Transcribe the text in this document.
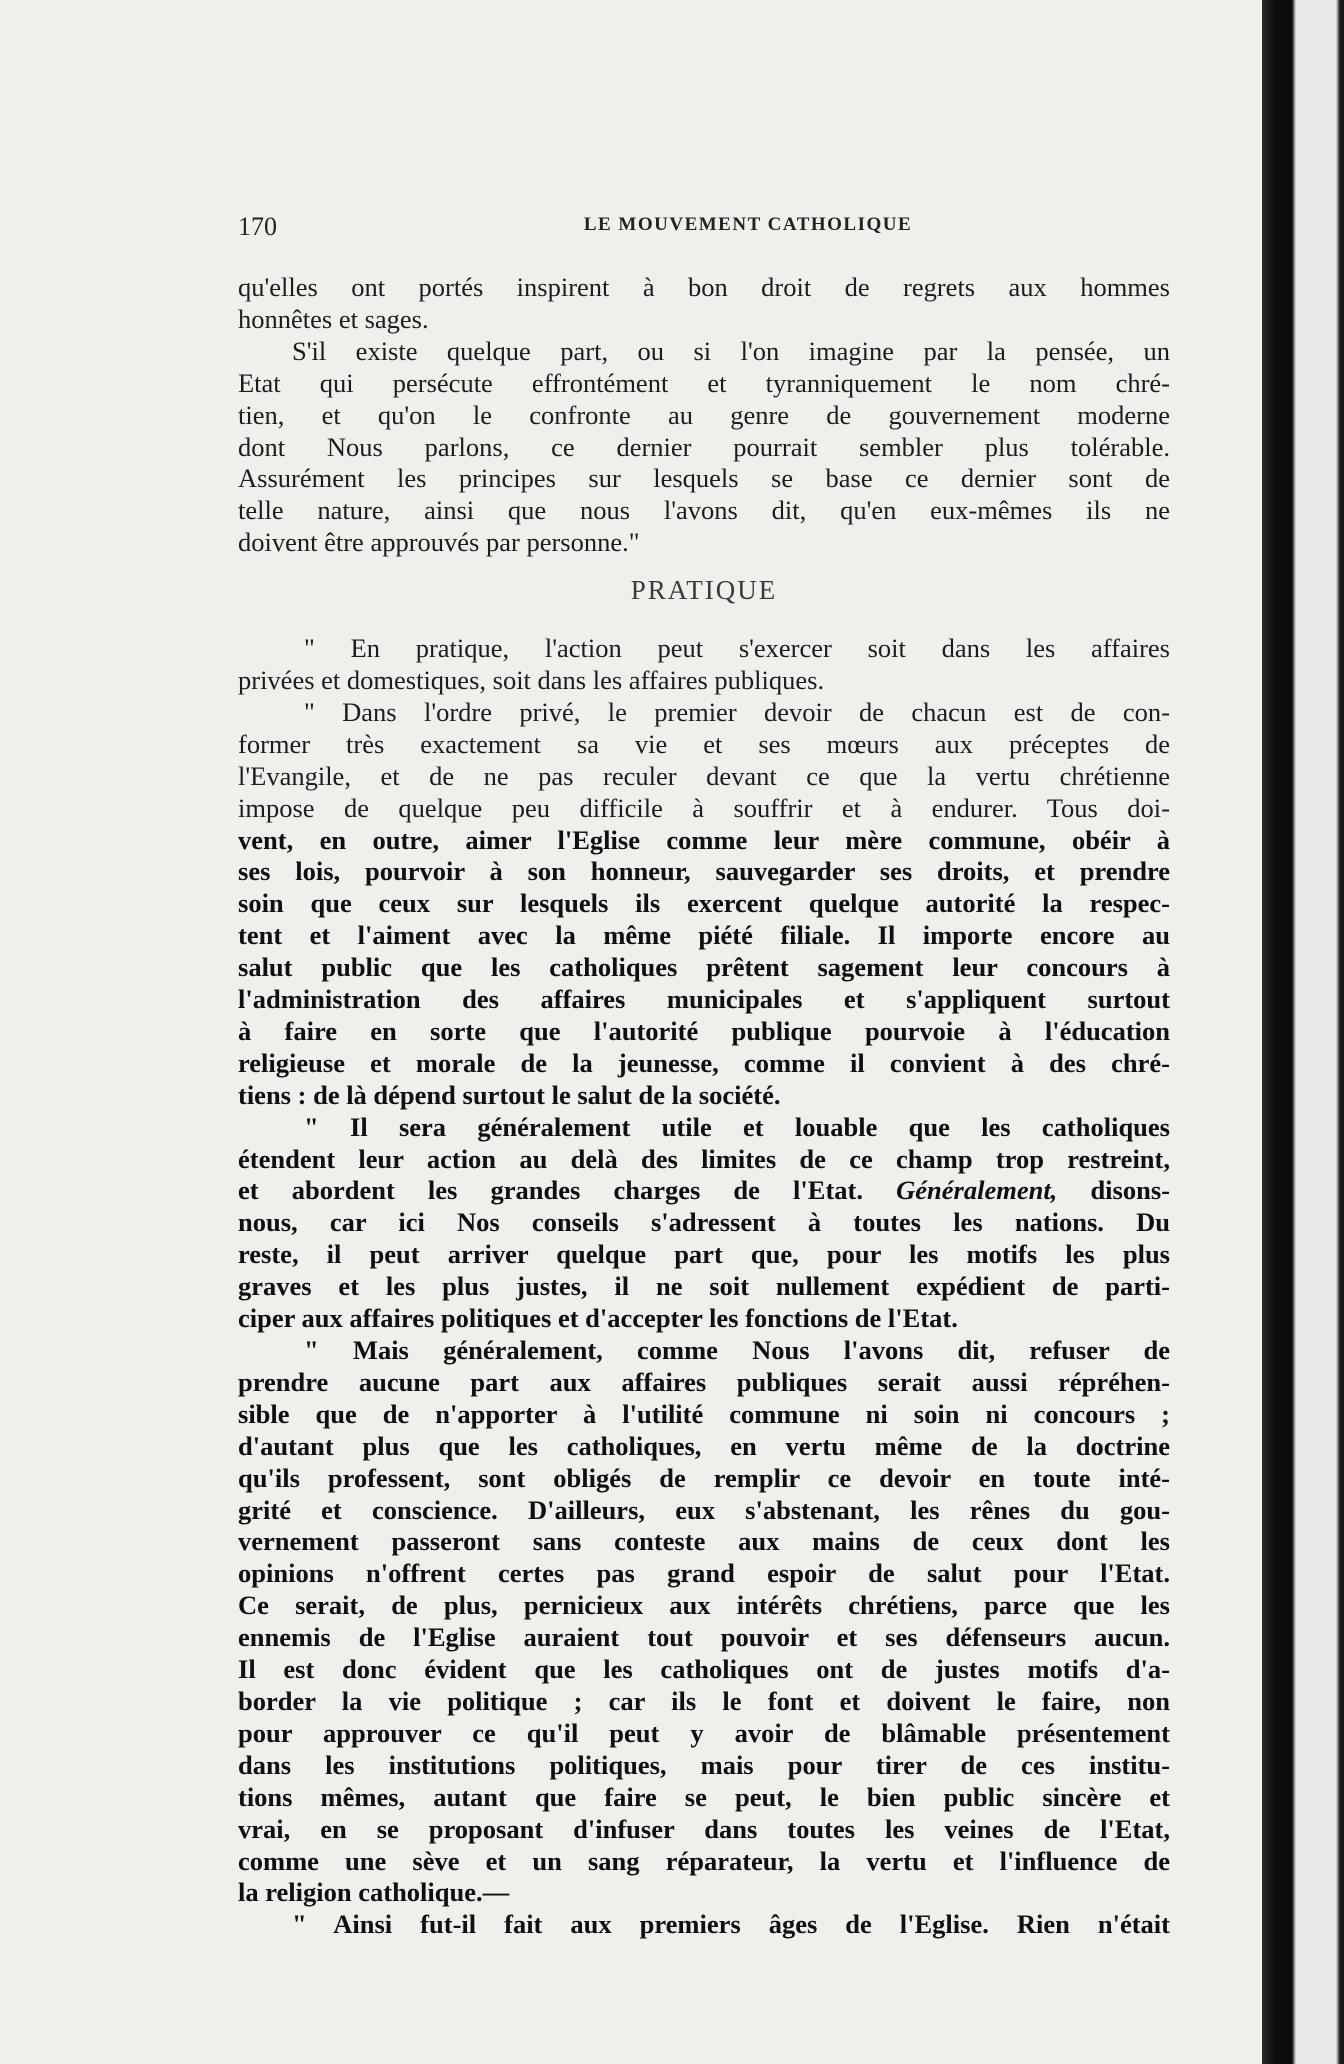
170	LE MOUVEMENT CATHOLIQUE

qu'elles ont portés inspirent à bon droit de regrets aux hommes
honnêtes et sages.

S'il existe quelque part, ou si l'on imagine par la pensée, un
Etat qui persécute effrontément et tyranniquement le nom chré-
tien, et qu'on le confronte au genre de gouvernement moderne
dont Nous parlons, ce dernier pourrait sembler plus tolérable.
Assurément les principes sur lesquels se base ce dernier sont de
telle nature, ainsi que nous l'avons dit, qu'en eux-mêmes ils ne
doivent être approuvés par personne."

PRATIQUE

" En pratique, l'action peut s'exercer soit dans les affaires
privées et domestiques, soit dans les affaires publiques.

" Dans l'ordre privé, le premier devoir de chacun est de con-
former très exactement sa vie et ses mœurs aux préceptes de
l'Evangile, et de ne pas reculer devant ce que la vertu chrétienne
impose de quelque peu difficile à souffrir et à endurer. Tous doi-
vent, en outre, aimer l'Eglise comme leur mère commune, obéir à
ses lois, pourvoir à son honneur, sauvegarder ses droits, et prendre
soin que ceux sur lesquels ils exercent quelque autorité la respec-
tent et l'aiment avec la même piété filiale. Il importe encore au
salut public que les catholiques prêtent sagement leur concours à
l'administration des affaires municipales et s'appliquent surtout
à faire en sorte que l'autorité publique pourvoie à l'éducation
religieuse et morale de la jeunesse, comme il convient à des chré-
tiens : de là dépend surtout le salut de la société.

" Il sera généralement utile et louable que les catholiques
étendent leur action au delà des limites de ce champ trop restreint,
et abordent les grandes charges de l'Etat. Généralement, disons-
nous, car ici Nos conseils s'adressent à toutes les nations. Du
reste, il peut arriver quelque part que, pour les motifs les plus
graves et les plus justes, il ne soit nullement expédient de parti-
ciper aux affaires politiques et d'accepter les fonctions de l'Etat.

" Mais généralement, comme Nous l'avons dit, refuser de
prendre aucune part aux affaires publiques serait aussi répréhen-
sible que de n'apporter à l'utilité commune ni soin ni concours ;
d'autant plus que les catholiques, en vertu même de la doctrine
qu'ils professent, sont obligés de remplir ce devoir en toute inté-
grité et conscience. D'ailleurs, eux s'abstenant, les rênes du gou-
vernement passeront sans conteste aux mains de ceux dont les
opinions n'offrent certes pas grand espoir de salut pour l'Etat.
Ce serait, de plus, pernicieux aux intérêts chrétiens, parce que les
ennemis de l'Eglise auraient tout pouvoir et ses défenseurs aucun.
Il est donc évident que les catholiques ont de justes motifs d'a-
border la vie politique ; car ils le font et doivent le faire, non
pour approuver ce qu'il peut y avoir de blâmable présentement
dans les institutions politiques, mais pour tirer de ces institu-
tions mêmes, autant que faire se peut, le bien public sincère et
vrai, en se proposant d'infuser dans toutes les veines de l'Etat,
comme une sève et un sang réparateur, la vertu et l'influence de
la religion catholique.—

" Ainsi fut-il fait aux premiers âges de l'Eglise. Rien n'était
